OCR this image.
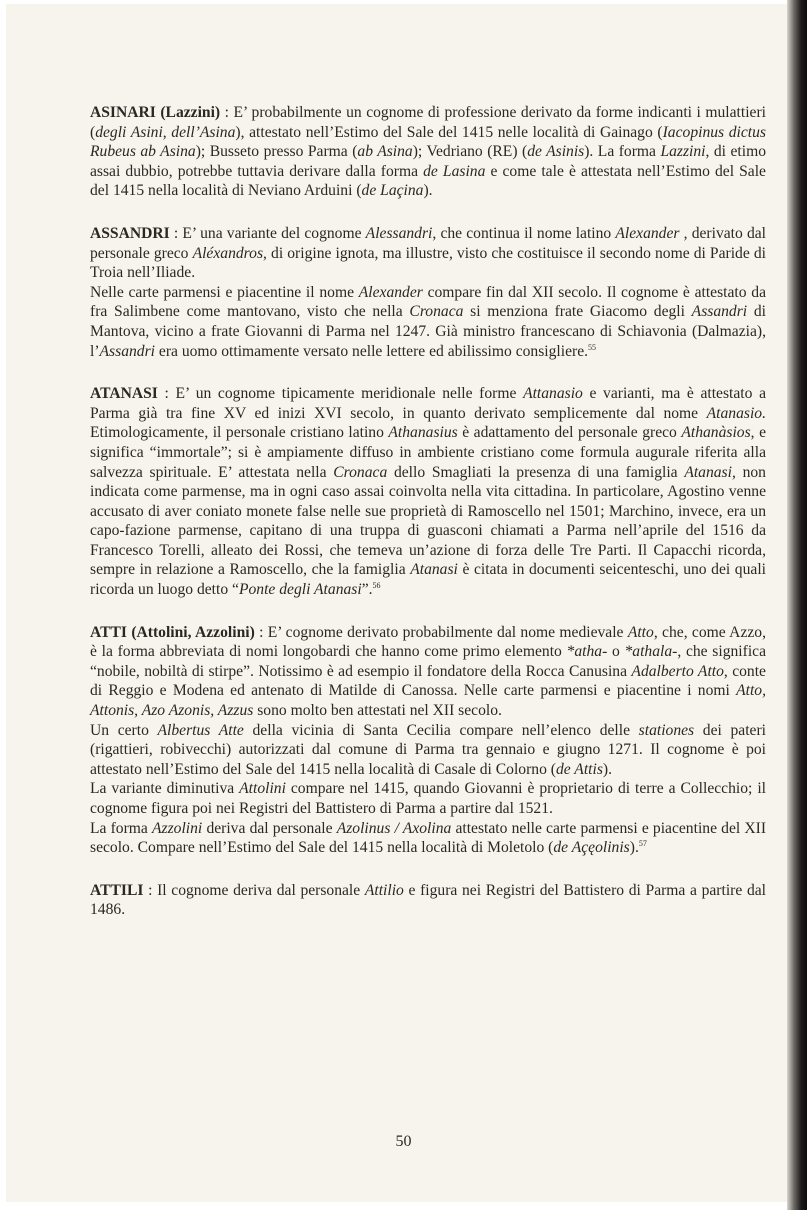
ASINARI (Lazzini) : E’ probabilmente un cognome di professione derivato da forme indicanti i mulattieri (degli Asini, dell’Asina), attestato nell’Estimo del Sale del 1415 nelle località di Gainago (Iacopinus dictus Rubeus ab Asina); Busseto presso Parma (ab Asina); Vedriano (RE) (de Asinis). La forma Lazzini, di etimo assai dubbio, potrebbe tuttavia derivare dalla forma de Lasina e come tale è attestata nell’Estimo del Sale del 1415 nella località di Neviano Arduini (de Laçina).

ASSANDRI : E’ una variante del cognome Alessandri, che continua il nome latino Alexander , derivato dal personale greco Aléxandros, di origine ignota, ma illustre, visto che costituisce il secondo nome di Paride di Troia nell’Iliade.

Nelle carte parmensi e piacentine il nome Alexander compare fin dal XII secolo. Il cognome è attestato da fra Salimbene come mantovano, visto che nella Cronaca si menziona frate Giacomo degli Assandri di Mantova, vicino a frate Giovanni di Parma nel 1247. Già ministro francescano di Schiavonia (Dalmazia), l’Assandri era uomo ottimamente versato nelle lettere ed abilissimo consigliere.$^{55}$

ATANASI : E’ un cognome tipicamente meridionale nelle forme Attanasio e varianti, ma è attestato a Parma già tra fine XV ed inizi XVI secolo, in quanto derivato semplicemente dal nome Atanasio. Etimologicamente, il personale cristiano latino Athanasius è adattamento del personale greco Athanàsios, e significa “immortale”; si è ampiamente diffuso in ambiente cristiano come formula augurale riferita alla salvezza spirituale. E’ attestata nella Cronaca dello Smagliati la presenza di una famiglia Atanasi, non indicata come parmense, ma in ogni caso assai coinvolta nella vita cittadina. In particolare, Agostino venne accusato di aver coniato monete false nelle sue proprietà di Ramoscello nel 1501; Marchino, invece, era un capo-fazione parmense, capitano di una truppa di guasconi chiamati a Parma nell’aprile del 1516 da Francesco Torelli, alleato dei Rossi, che temeva un’azione di forza delle Tre Parti. Il Capacchi ricorda, sempre in relazione a Ramoscello, che la famiglia Atanasi è citata in documenti seicenteschi, uno dei quali ricorda un luogo detto “Ponte degli Atanasi”.$^{56}$

ATTI (Attolini, Azzolini) : E’ cognome derivato probabilmente dal nome medievale Atto, che, come Azzo, è la forma abbreviata di nomi longobardi che hanno come primo elemento *atha- o *athala-, che significa “nobile, nobiltà di stirpe”. Notissimo è ad esempio il fondatore della Rocca Canusina Adalberto Atto, conte di Reggio e Modena ed antenato di Matilde di Canossa. Nelle carte parmensi e piacentine i nomi Atto, Attonis, Azo Azonis, Azzus sono molto ben attestati nel XII secolo.

Un certo Albertus Atte della vicinia di Santa Cecilia compare nell’elenco delle stationes dei pateri (rigattieri, robivecchi) autorizzati dal comune di Parma tra gennaio e giugno 1271. Il cognome è poi attestato nell’Estimo del Sale del 1415 nella località di Casale di Colorno (de Attis).

La variante diminutiva Attolini compare nel 1415, quando Giovanni è proprietario di terre a Collecchio; il cognome figura poi nei Registri del Battistero di Parma a partire dal 1521.

La forma Azzolini deriva dal personale Azolinus / Axolina attestato nelle carte parmensi e piacentine del XII secolo. Compare nell’Estimo del Sale del 1415 nella località di Moletolo (de Açęolinis).$^{57}$

ATTILI : Il cognome deriva dal personale Attilio e figura nei Registri del Battistero di Parma a partire dal 1486.

50
